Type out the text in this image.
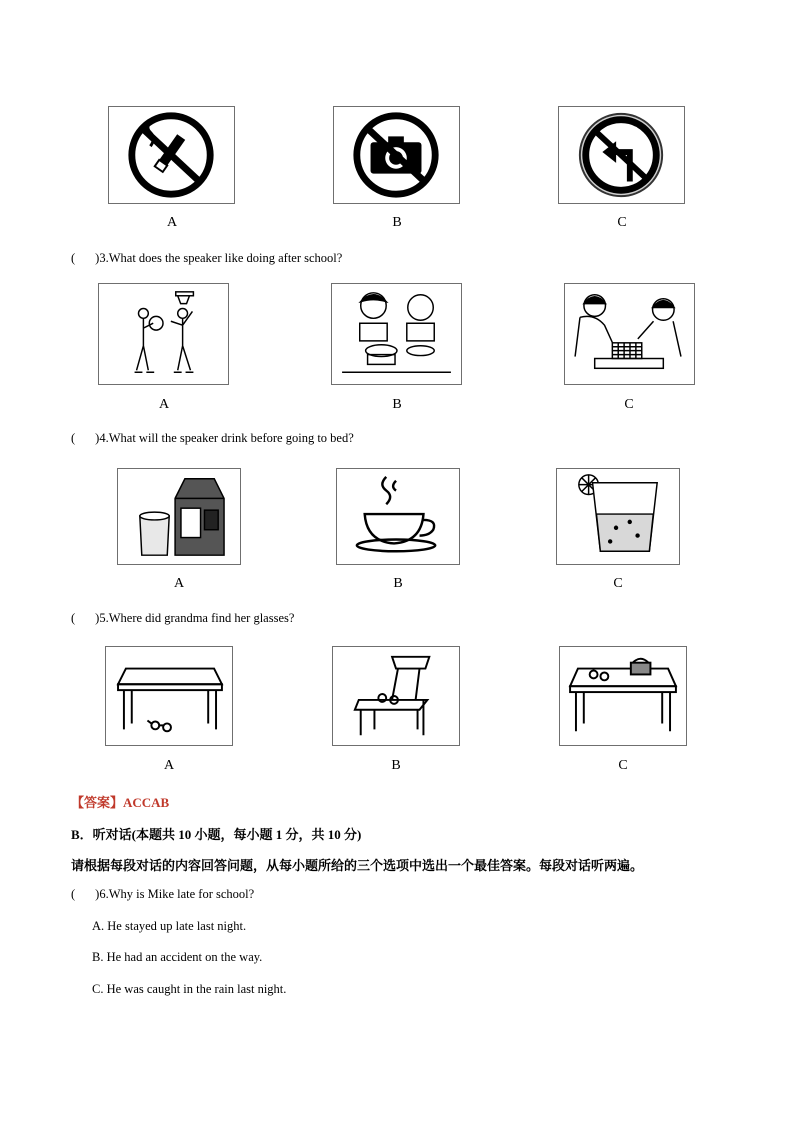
A	B	C
( )3.What does the speaker like doing after school?
A	B	C
( )4.What will the speaker drink before going to bed?
A	B	C
( )5.Where did grandma find her glasses?
A	B	C
【答案】ACCAB
B．听对话(本题共 10 小题，每小题 1 分，共 10 分)
请根据每段对话的内容回答问题，从每小题所给的三个选项中选出一个最佳答案。每段对话听两遍。
( )6.Why is Mike late for school?
A. He stayed up late last night.
B. He had an accident on the way.
C. He was caught in the rain last night.
